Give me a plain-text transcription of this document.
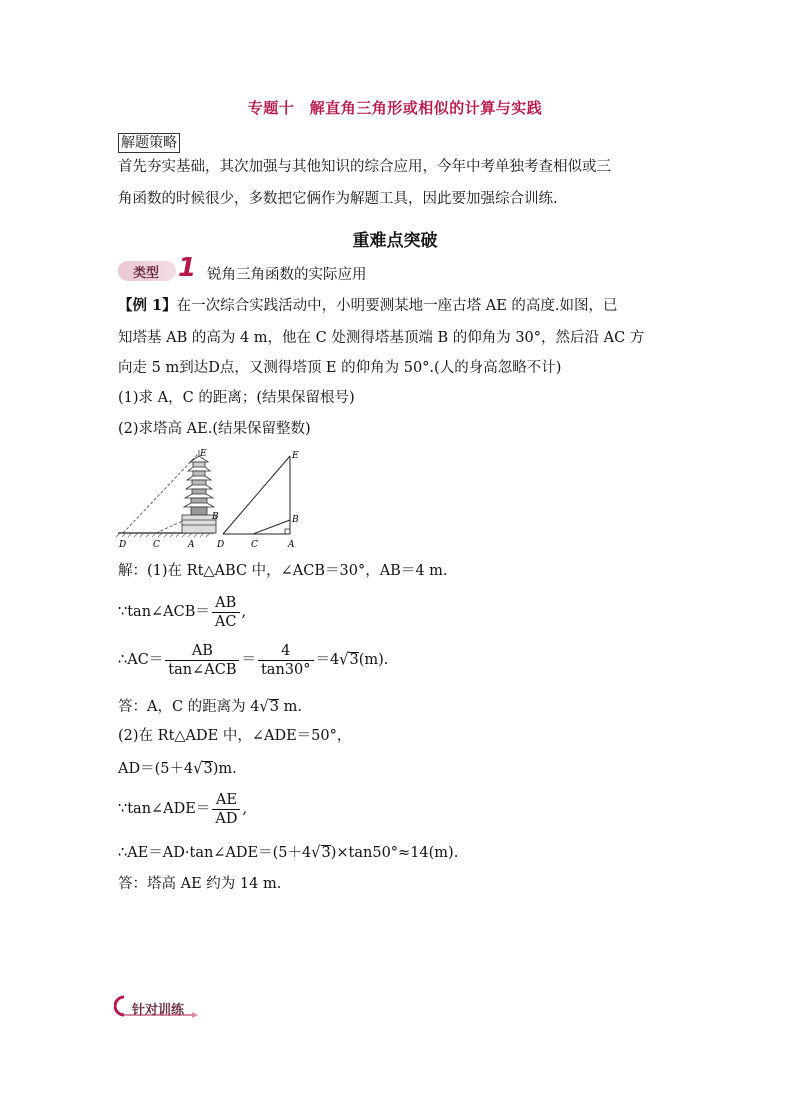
专题十　解直角三角形或相似的计算与实践
解题策略
首先夯实基础，其次加强与其他知识的综合应用，今年中考单独考查相似或三
角函数的时候很少，多数把它俩作为解题工具，因此要加强综合训练.
重难点突破
类型 1 锐角三角函数的实际应用
【例 1】在一次综合实践活动中，小明要测某地一座古塔 AE 的高度.如图，已
知塔基 AB 的高为 4 m，他在 C 处测得塔基顶端 B 的仰角为 30°，然后沿 AC 方
向走 5 m到达D点，又测得塔顶 E 的仰角为 50°.(人的身高忽略不计)
(1)求 A，C 的距离；(结果保留根号)
(2)求塔高 AE.(结果保留整数)
E
B
D	C	A
E
B
D	C	A
解：(1)在 Rt△ABC 中，∠ACB＝30°，AB＝4 m.
∵tan∠ACB＝ $\frac{AB}{AC}$ ,
∴AC＝ $\frac{AB}{\text{tan∠ACB}} = \frac{4}{\tan 30^\circ} =4√3(m)$.
答：A，C 的距离为 4√3 m.
(2)在 Rt△ADE 中，∠ADE＝50°，
AD＝(5＋4√3)m.
∵tan∠ADE＝ $\frac{AE}{AD}$ ,
∴AE＝AD·tan∠ADE＝(5＋4√3)×tan50°≈14(m).
答：塔高 AE 约为 14 m.
针对训练
